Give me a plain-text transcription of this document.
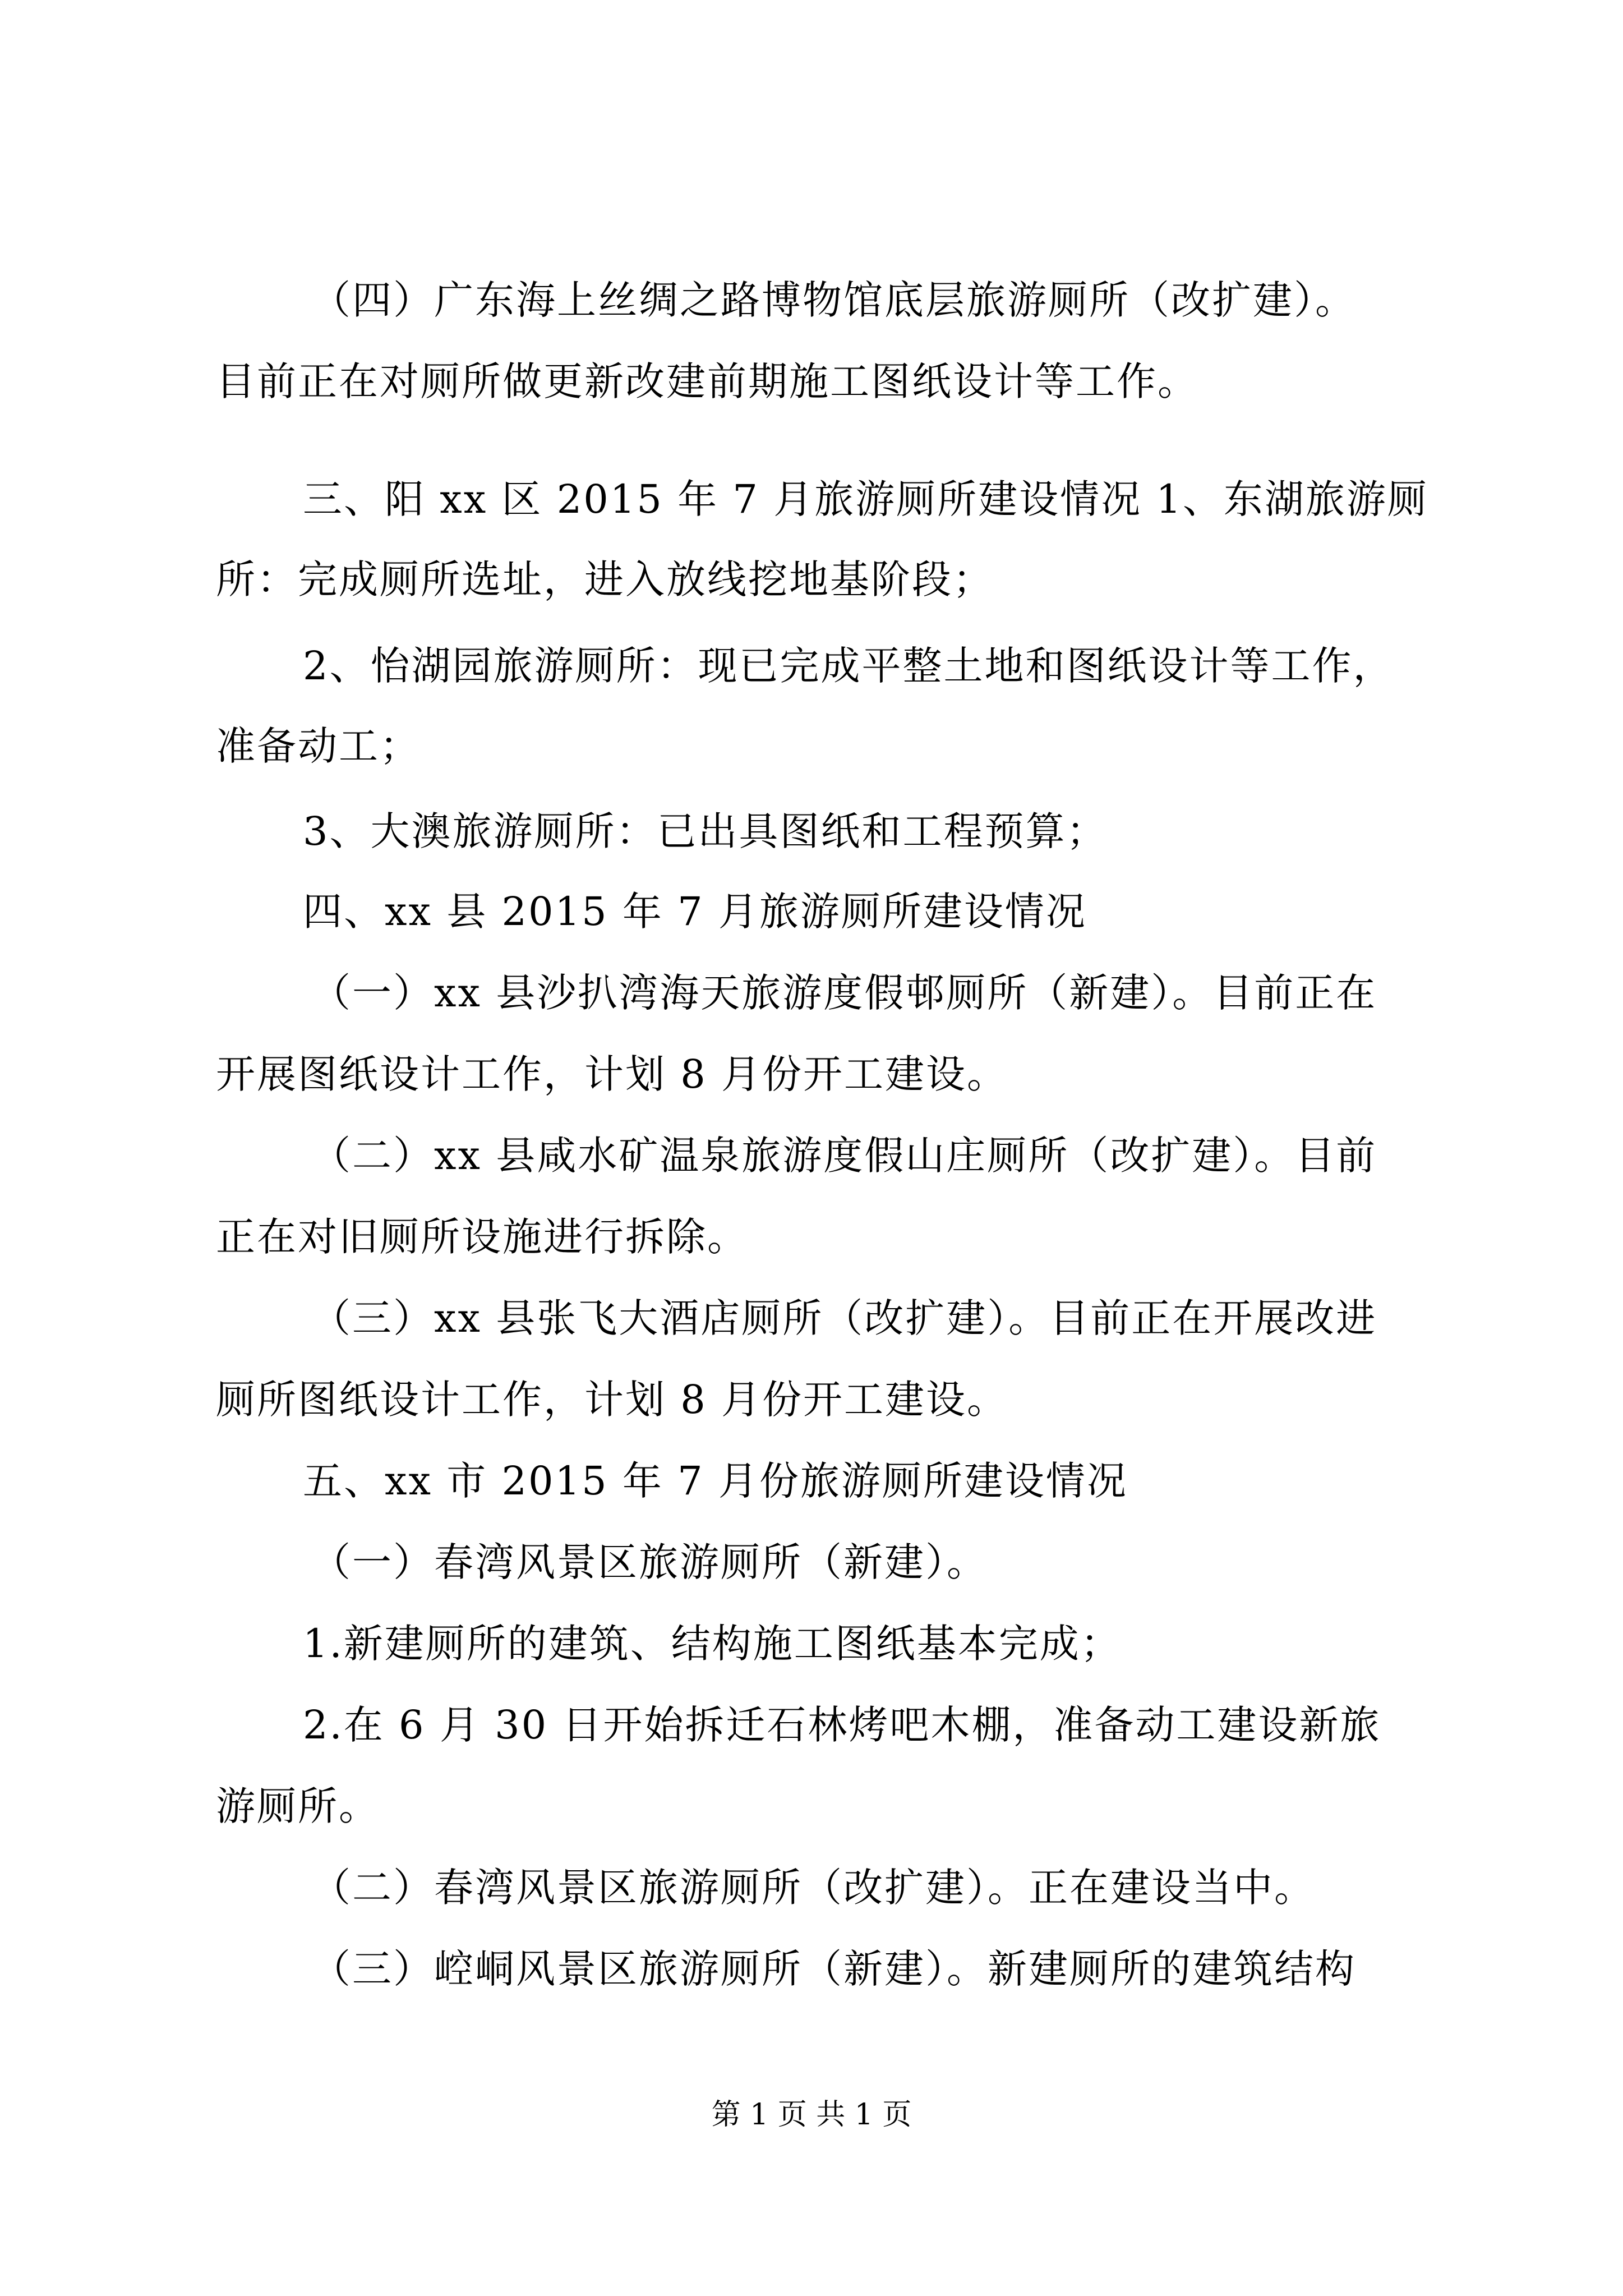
（四）广东海上丝绸之路博物馆底层旅游厕所（改扩建）。
目前正在对厕所做更新改建前期施工图纸设计等工作。
三、阳 xx 区 2015 年 7 月旅游厕所建设情况 1、东湖旅游厕
所：完成厕所选址，进入放线挖地基阶段；
2、怡湖园旅游厕所：现已完成平整土地和图纸设计等工作，
准备动工；
3、大澳旅游厕所：已出具图纸和工程预算；
四、xx 县 2015 年 7 月旅游厕所建设情况
（一）xx 县沙扒湾海天旅游度假邨厕所（新建）。目前正在
开展图纸设计工作，计划 8 月份开工建设。
（二）xx 县咸水矿温泉旅游度假山庄厕所（改扩建）。目前
正在对旧厕所设施进行拆除。
（三）xx 县张飞大酒店厕所（改扩建）。目前正在开展改进
厕所图纸设计工作，计划 8 月份开工建设。
五、xx 市 2015 年 7 月份旅游厕所建设情况
（一）春湾风景区旅游厕所（新建）。
1.新建厕所的建筑、结构施工图纸基本完成；
2.在 6 月 30 日开始拆迁石林烤吧木棚，准备动工建设新旅
游厕所。
（二）春湾风景区旅游厕所（改扩建）。正在建设当中。
（三）崆峒风景区旅游厕所（新建）。新建厕所的建筑结构
第 1 页 共 1 页
